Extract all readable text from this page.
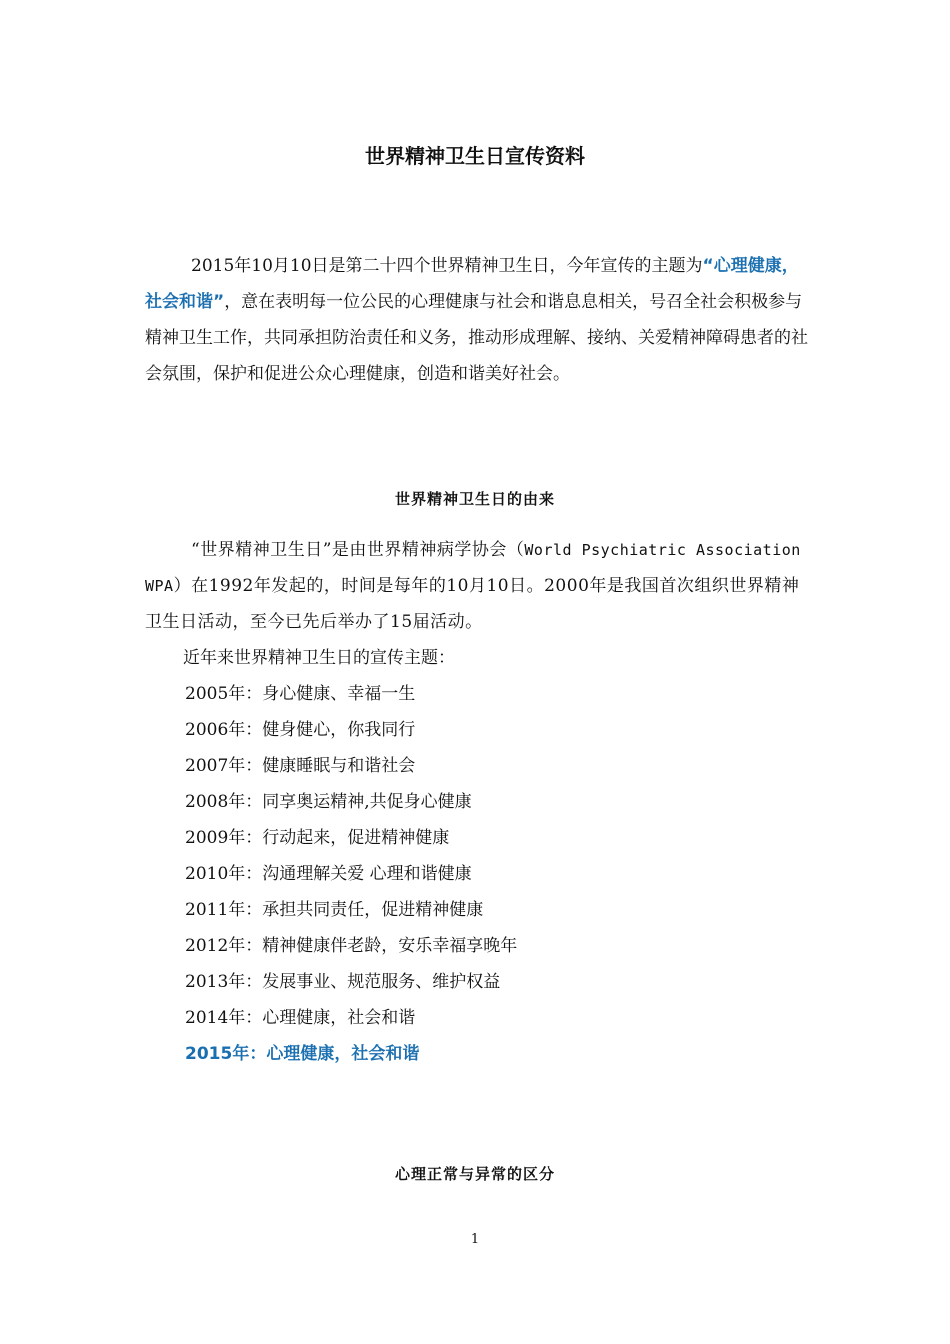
世界精神卫生日宣传资料

2015年10月10日是第二十四个世界精神卫生日，今年宣传的主题为“心理健康，社会和谐”，意在表明每一位公民的心理健康与社会和谐息息相关，号召全社会积极参与精神卫生工作，共同承担防治责任和义务，推动形成理解、接纳、关爱精神障碍患者的社会氛围，保护和促进公众心理健康，创造和谐美好社会。

世界精神卫生日的由来

“世界精神卫生日”是由世界精神病学协会（World Psychiatric Association WPA）在1992年发起的，时间是每年的10月10日。2000年是我国首次组织世界精神卫生日活动，至今已先后举办了15届活动。

近年来世界精神卫生日的宣传主题：

2005年：身心健康、幸福一生
2006年：健身健心，你我同行
2007年：健康睡眠与和谐社会
2008年：同享奥运精神,共促身心健康
2009年：行动起来，促进精神健康
2010年：沟通理解关爱 心理和谐健康
2011年：承担共同责任，促进精神健康
2012年：精神健康伴老龄，安乐幸福享晚年
2013年：发展事业、规范服务、维护权益
2014年：心理健康，社会和谐
2015年：心理健康，社会和谐
心理正常与异常的区分

1
